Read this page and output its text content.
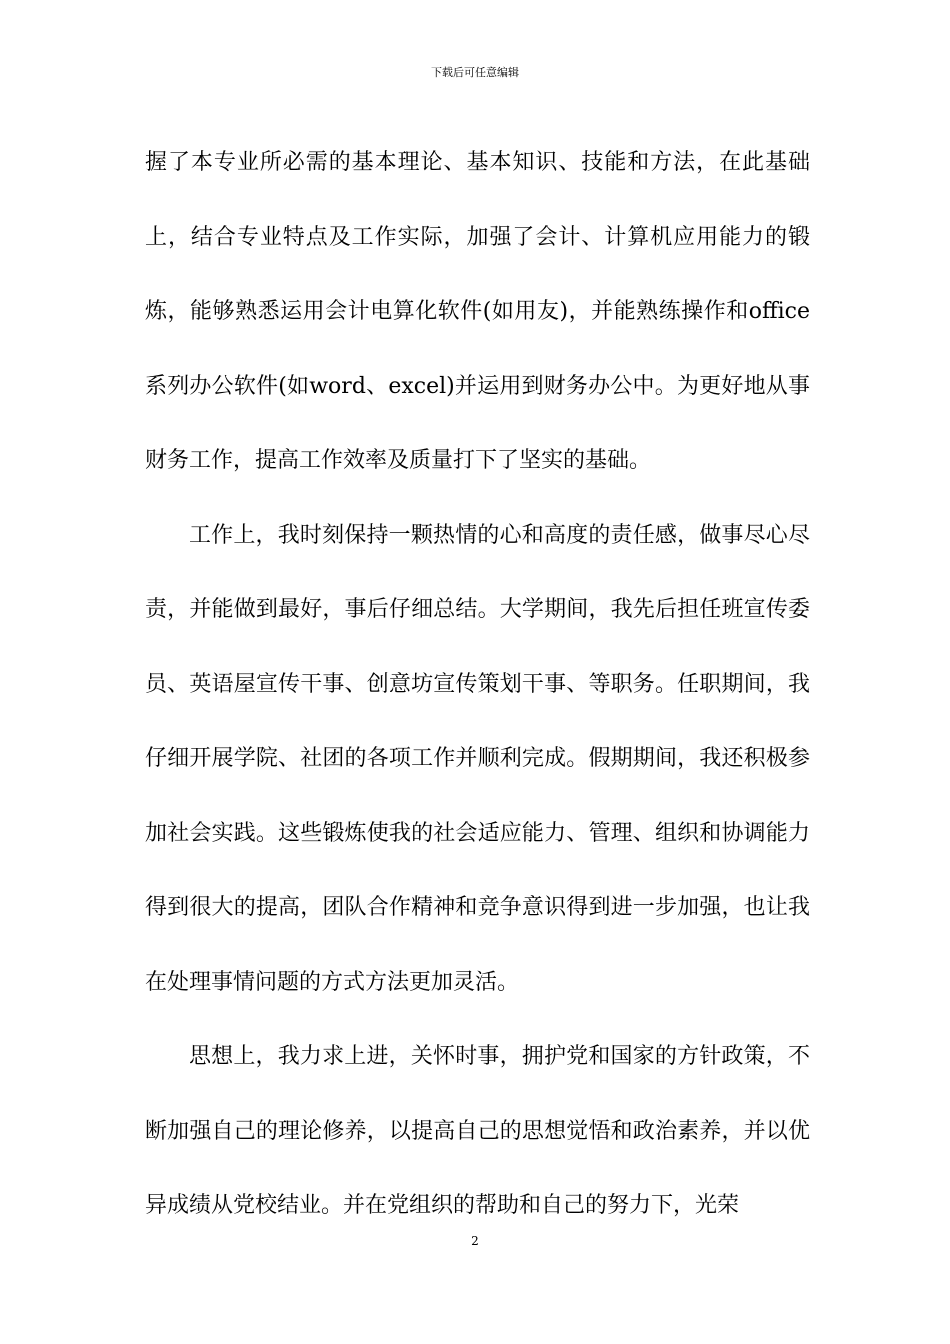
下载后可任意编辑

握了本专业所必需的基本理论、基本知识、技能和方法，在此基础上，结合专业特点及工作实际，加强了会计、计算机应用能力的锻炼，能够熟悉运用会计电算化软件(如用友)，并能熟练操作和office系列办公软件(如word、excel)并运用到财务办公中。为更好地从事财务工作，提高工作效率及质量打下了坚实的基础。

工作上，我时刻保持一颗热情的心和高度的责任感，做事尽心尽责，并能做到最好，事后仔细总结。大学期间，我先后担任班宣传委员、英语屋宣传干事、创意坊宣传策划干事、等职务。任职期间，我仔细开展学院、社团的各项工作并顺利完成。假期期间，我还积极参加社会实践。这些锻炼使我的社会适应能力、管理、组织和协调能力得到很大的提高，团队合作精神和竞争意识得到进一步加强，也让我在处理事情问题的方式方法更加灵活。

思想上，我力求上进，关怀时事，拥护党和国家的方针政策，不断加强自己的理论修养，以提高自己的思想觉悟和政治素养，并以优异成绩从党校结业。并在党组织的帮助和自己的努力下，光荣

2
